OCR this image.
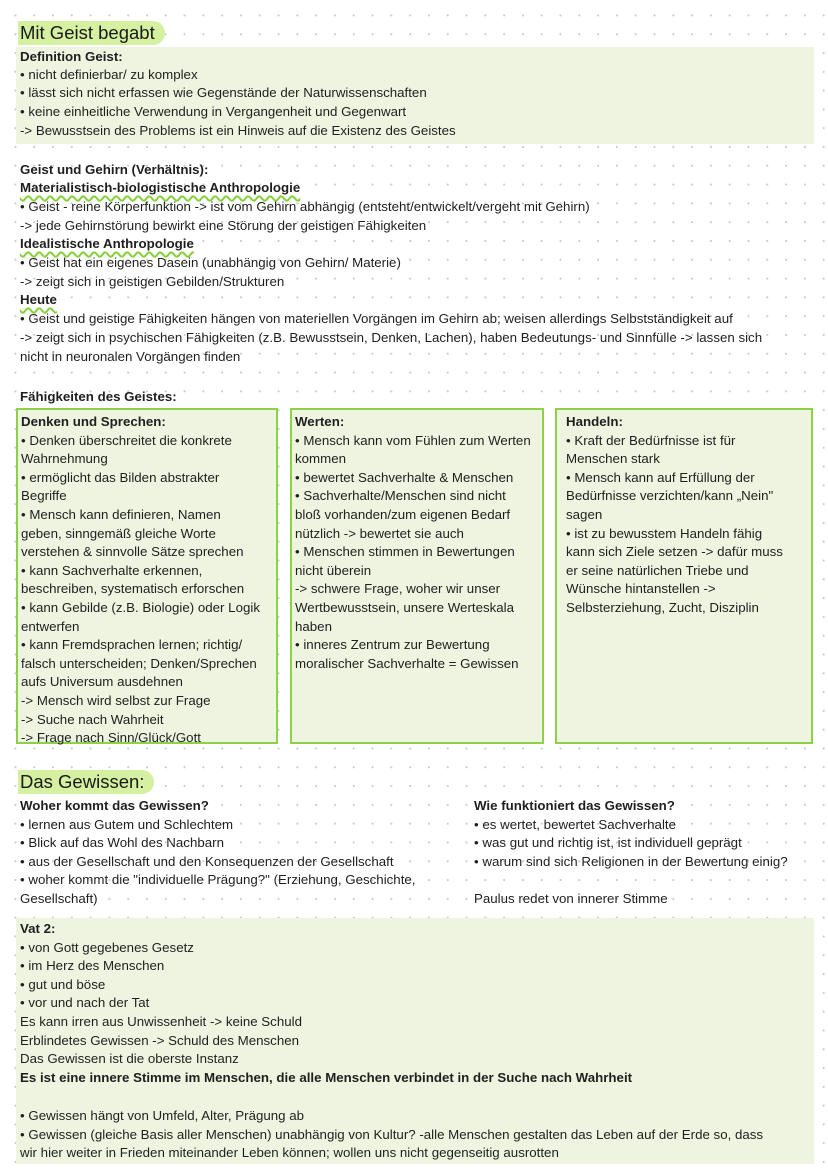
Mit Geist begabt
Definition Geist:
• nicht definierbar/ zu komplex
• lässt sich nicht erfassen wie Gegenstände der Naturwissenschaften
• keine einheitliche Verwendung in Vergangenheit und Gegenwart
-> Bewusstsein des Problems ist ein Hinweis auf die Existenz des Geistes
Geist und Gehirn (Verhältnis):
Materialistisch-biologistische Anthropologie
• Geist - reine Körperfunktion -> ist vom Gehirn abhängig (entsteht/entwickelt/vergeht mit Gehirn)
-> jede Gehirnstörung bewirkt eine Störung der geistigen Fähigkeiten
Idealistische Anthropologie
• Geist hat ein eigenes Dasein (unabhängig von Gehirn/ Materie)
-> zeigt sich in geistigen Gebilden/Strukturen
Heute
• Geist und geistige Fähigkeiten hängen von materiellen Vorgängen im Gehirn ab; weisen allerdings Selbstständigkeit auf
-> zeigt sich in psychischen Fähigkeiten (z.B. Bewusstsein, Denken, Lachen), haben Bedeutungs- und Sinnfülle -> lassen sich
nicht in neuronalen Vorgängen finden
Fähigkeiten des Geistes:
Denken und Sprechen:
• Denken überschreitet die konkrete
Wahrnehmung
• ermöglicht das Bilden abstrakter
Begriffe
• Mensch kann definieren, Namen
geben, sinngemäß gleiche Worte
verstehen & sinnvolle Sätze sprechen
• kann Sachverhalte erkennen,
beschreiben, systematisch erforschen
• kann Gebilde (z.B. Biologie) oder Logik
entwerfen
• kann Fremdsprachen lernen; richtig/
falsch unterscheiden; Denken/Sprechen
aufs Universum ausdehnen
-> Mensch wird selbst zur Frage
-> Suche nach Wahrheit
-> Frage nach Sinn/Glück/Gott
Werten:
• Mensch kann vom Fühlen zum Werten
kommen
• bewertet Sachverhalte & Menschen
• Sachverhalte/Menschen sind nicht
bloß vorhanden/zum eigenen Bedarf
nützlich -> bewertet sie auch
• Menschen stimmen in Bewertungen
nicht überein
-> schwere Frage, woher wir unser
Wertbewusstsein, unsere Werteskala
haben
• inneres Zentrum zur Bewertung
moralischer Sachverhalte = Gewissen
Handeln:
• Kraft der Bedürfnisse ist für
Menschen stark
• Mensch kann auf Erfüllung der
Bedürfnisse verzichten/kann „Nein"
sagen
• ist zu bewusstem Handeln fähig
kann sich Ziele setzen -> dafür muss
er seine natürlichen Triebe und
Wünsche hintanstellen ->
Selbsterziehung, Zucht, Disziplin
Das Gewissen:
Woher kommt das Gewissen?
• lernen aus Gutem und Schlechtem
• Blick auf das Wohl des Nachbarn
• aus der Gesellschaft und den Konsequenzen der Gesellschaft
• woher kommt die "individuelle Prägung?" (Erziehung, Geschichte,
Gesellschaft)
Wie funktioniert das Gewissen?
• es wertet, bewertet Sachverhalte
• was gut und richtig ist, ist individuell geprägt
• warum sind sich Religionen in der Bewertung einig?

Paulus redet von innerer Stimme
Vat 2:
• von Gott gegebenes Gesetz
• im Herz des Menschen
• gut und böse
• vor und nach der Tat
Es kann irren aus Unwissenheit -> keine Schuld
Erblindetes Gewissen -> Schuld des Menschen
Das Gewissen ist die oberste Instanz
Es ist eine innere Stimme im Menschen, die alle Menschen verbindet in der Suche nach Wahrheit
• Gewissen hängt von Umfeld, Alter, Prägung ab
• Gewissen (gleiche Basis aller Menschen) unabhängig von Kultur? -alle Menschen gestalten das Leben auf der Erde so, dass
wir hier weiter in Frieden miteinander Leben können; wollen uns nicht gegenseitig ausrotten
